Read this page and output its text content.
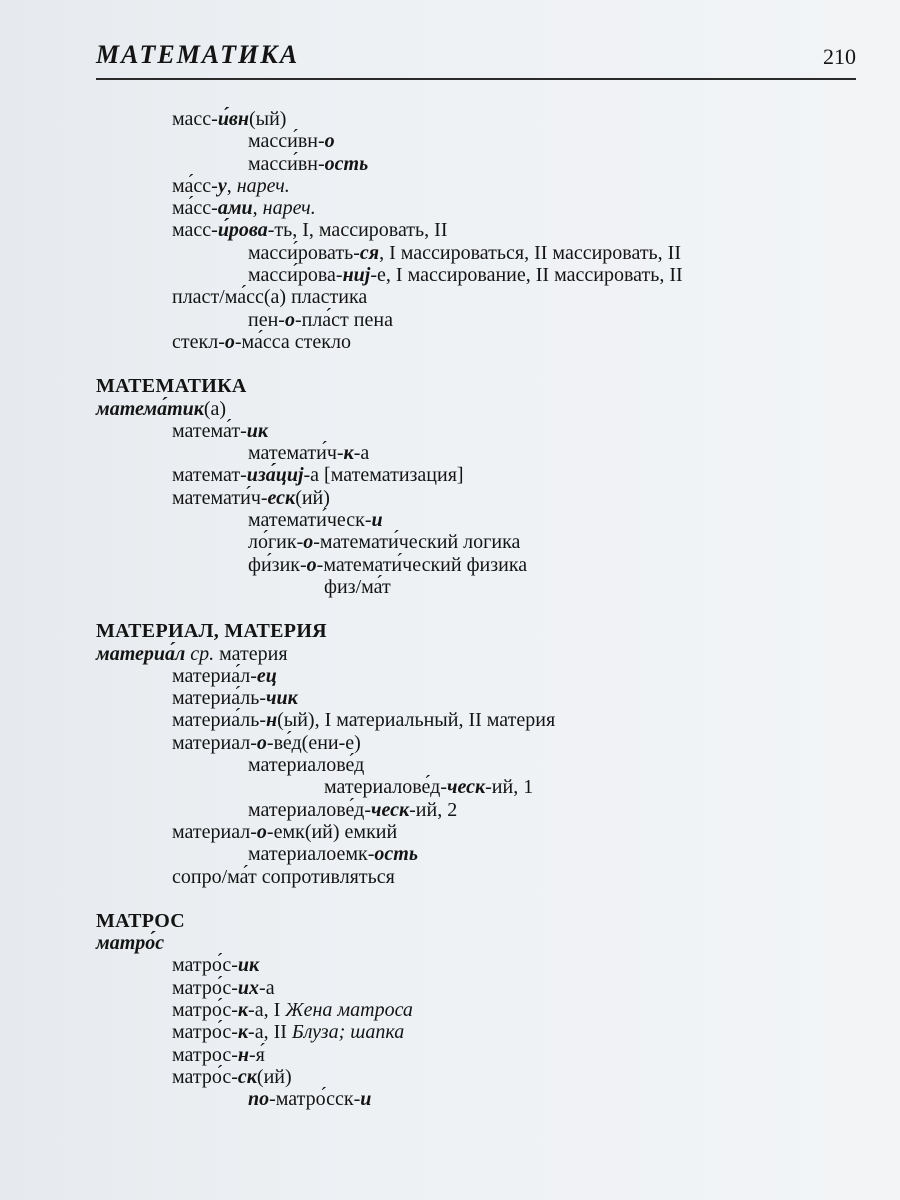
МАТЕМАТИКА	210
масс-и́вн(ый)
масси́вн-о
масси́вн-ость
ма́сс-у, нареч.
ма́сс-ами, нареч.
масс-и́рова-ть, I, массировать, II
масси́ровать-ся, I массироваться, II массировать, II
масси́рова-ниj-е, I массирование, II массировать, II
пласт/ма́сс(а) пластика
пен-о-пла́ст пена
стекл-о-ма́сса стекло
МАТЕМАТИКА
матема́тик(а)
матема́т-ик
математи́ч-к-а
математ-иза́циj-а [математизация]
математи́ч-еск(ий)
математи́ческ-и
ло́гик-о-математи́ческий логика
фи́зик-о-математи́ческий физика
физ/ма́т
МАТЕРИАЛ, МАТЕРИЯ
материа́л ср. материя
материа́л-ец
материа́ль-чик
материа́ль-н(ый), I материальный, II материя
материал-о-ве́д(ени-е)
материалове́д
материалове́д-ческ-ий, 1
материалове́д-ческ-ий, 2
материал-о-емк(ий) емкий
материалоемк-ость
сопро/ма́т сопротивляться
МАТРОС
матро́с
матро́с-ик
матро́с-их-а
матро́с-к-а, I Жена матроса
матро́с-к-а, II Блуза; шапка
матрос-н-я́
матро́с-ск(ий)
по-матро́сск-и
